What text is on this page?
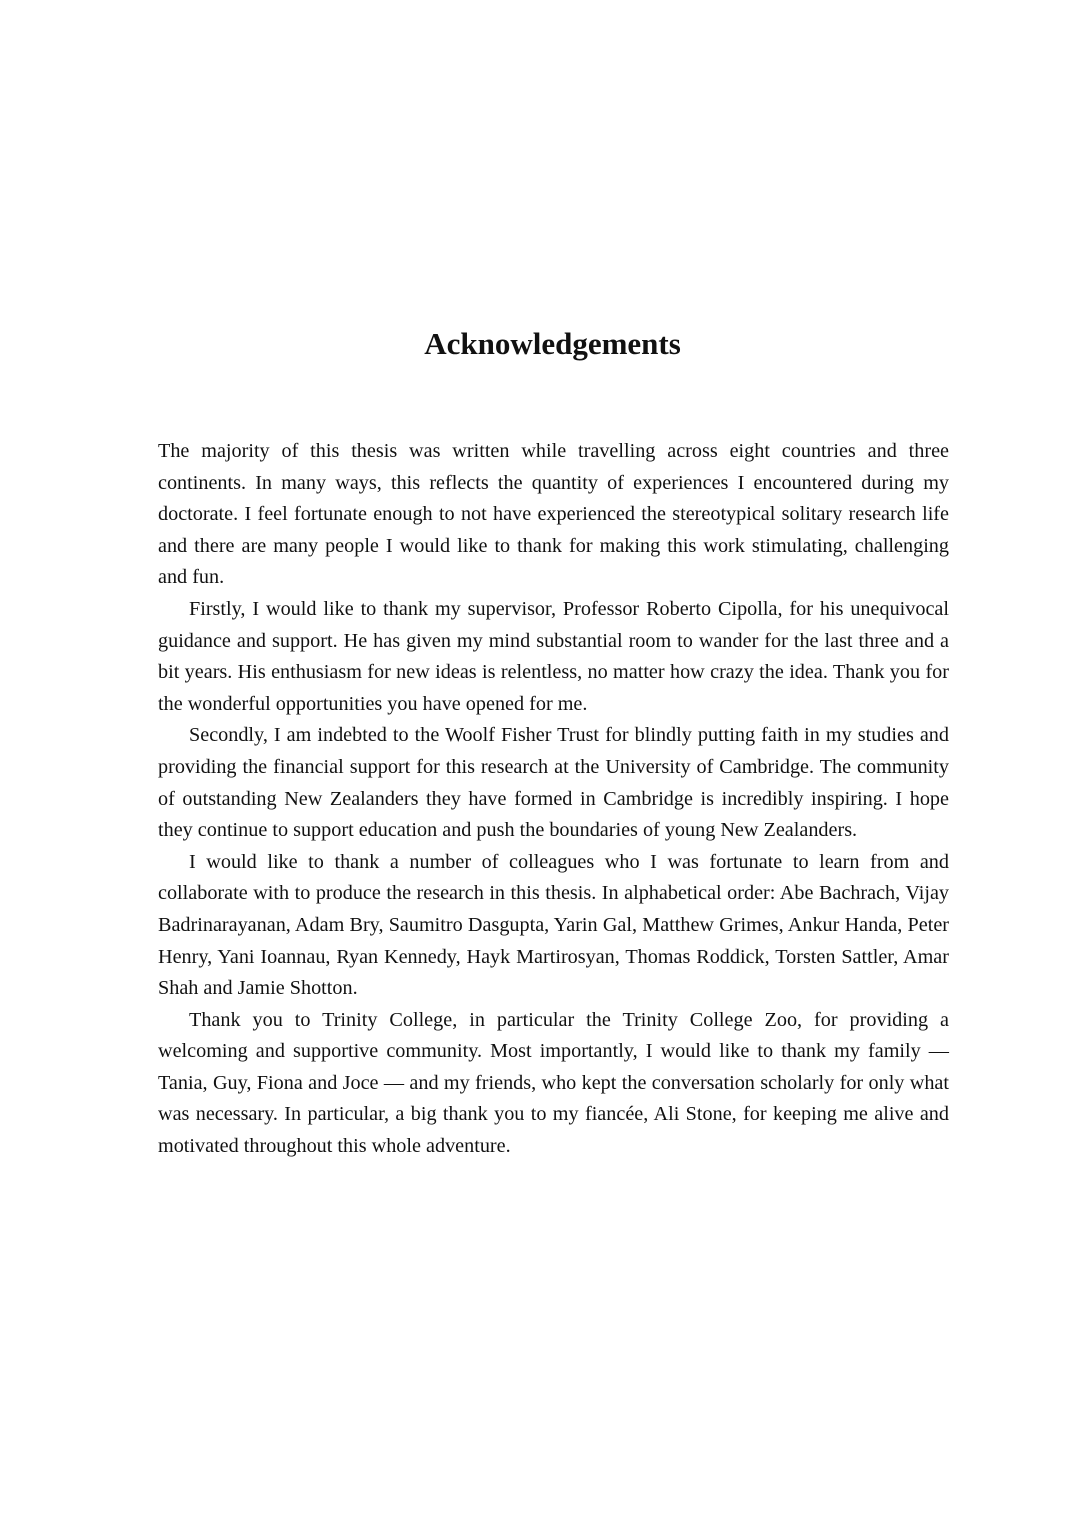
Acknowledgements

The majority of this thesis was written while travelling across eight countries and three continents. In many ways, this reflects the quantity of experiences I encountered during my doctorate. I feel fortunate enough to not have experienced the stereotypical solitary research life and there are many people I would like to thank for making this work stimulating, challenging and fun.

Firstly, I would like to thank my supervisor, Professor Roberto Cipolla, for his unequivocal guidance and support. He has given my mind substantial room to wander for the last three and a bit years. His enthusiasm for new ideas is relentless, no matter how crazy the idea. Thank you for the wonderful opportunities you have opened for me.

Secondly, I am indebted to the Woolf Fisher Trust for blindly putting faith in my studies and providing the financial support for this research at the University of Cambridge. The community of outstanding New Zealanders they have formed in Cambridge is incredibly inspiring. I hope they continue to support education and push the boundaries of young New Zealanders.

I would like to thank a number of colleagues who I was fortunate to learn from and collaborate with to produce the research in this thesis. In alphabetical order: Abe Bachrach, Vijay Badrinarayanan, Adam Bry, Saumitro Dasgupta, Yarin Gal, Matthew Grimes, Ankur Handa, Peter Henry, Yani Ioannau, Ryan Kennedy, Hayk Martirosyan, Thomas Roddick, Torsten Sattler, Amar Shah and Jamie Shotton.

Thank you to Trinity College, in particular the Trinity College Zoo, for providing a welcoming and supportive community. Most importantly, I would like to thank my family — Tania, Guy, Fiona and Joce — and my friends, who kept the conversation scholarly for only what was necessary. In particular, a big thank you to my fiancée, Ali Stone, for keeping me alive and motivated throughout this whole adventure.
